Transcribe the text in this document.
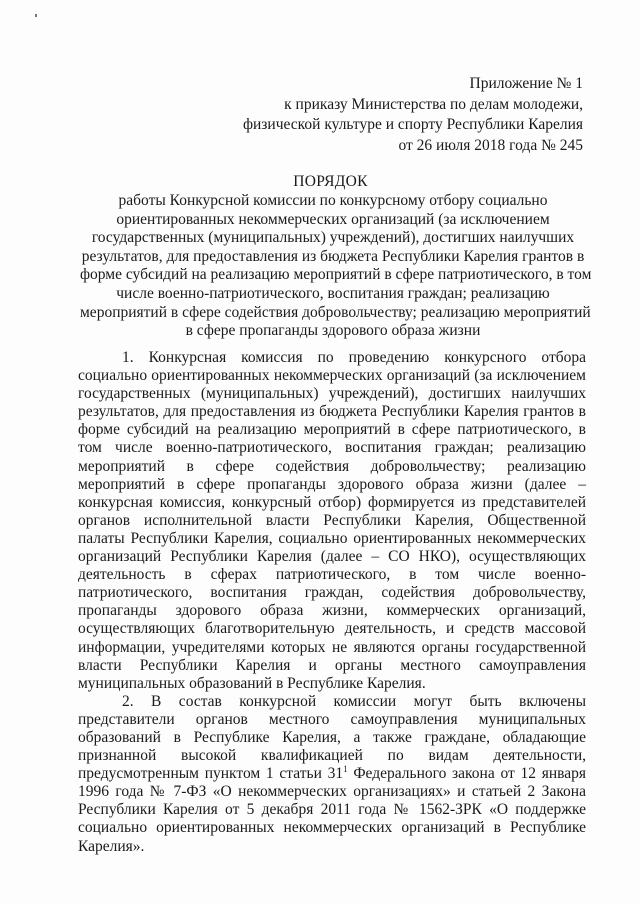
Приложение № 1
к приказу Министерства по делам молодежи,
физической культуре и спорту Республики Карелия
от 26 июля 2018 года № 245
ПОРЯДОК
работы Конкурсной комиссии по конкурсному отбору социально
ориентированных некоммерческих организаций (за исключением
государственных (муниципальных) учреждений), достигших наилучших
результатов, для предоставления из бюджета Республики Карелия грантов в
форме субсидий на реализацию мероприятий в сфере патриотического, в том
числе военно-патриотического, воспитания граждан; реализацию
мероприятий в сфере содействия добровольчеству; реализацию мероприятий
в сфере пропаганды здорового образа жизни

1. Конкурсная комиссия по проведению конкурсного отбора социально ориентированных некоммерческих организаций (за исключением государственных (муниципальных) учреждений), достигших наилучших результатов, для предоставления из бюджета Республики Карелия грантов в форме субсидий на реализацию мероприятий в сфере патриотического, в том числе военно-патриотического, воспитания граждан; реализацию мероприятий в сфере содействия добровольчеству; реализацию мероприятий в сфере пропаганды здорового образа жизни (далее – конкурсная комиссия, конкурсный отбор) формируется из представителей органов исполнительной власти Республики Карелия, Общественной палаты Республики Карелия, социально ориентированных некоммерческих организаций Республики Карелия (далее – СО НКО), осуществляющих деятельность в сферах патриотического, в том числе военно-патриотического, воспитания граждан, содействия добровольчеству, пропаганды здорового образа жизни, коммерческих организаций, осуществляющих благотворительную деятельность, и средств массовой информации, учредителями которых не являются органы государственной власти Республики Карелия и органы местного самоуправления муниципальных образований в Республике Карелия.

2. В состав конкурсной комиссии могут быть включены представители органов местного самоуправления муниципальных образований в Республике Карелия, а также граждане, обладающие признанной высокой квалификацией по видам деятельности, предусмотренным пунктом 1 статьи $31^1$ Федерального закона от 12 января 1996 года № 7-ФЗ «О некоммерческих организациях» и статьей 2 Закона Республики Карелия от 5 декабря 2011 года № 1562-ЗРК «О поддержке социально ориентированных некоммерческих организаций в Республике Карелия».
